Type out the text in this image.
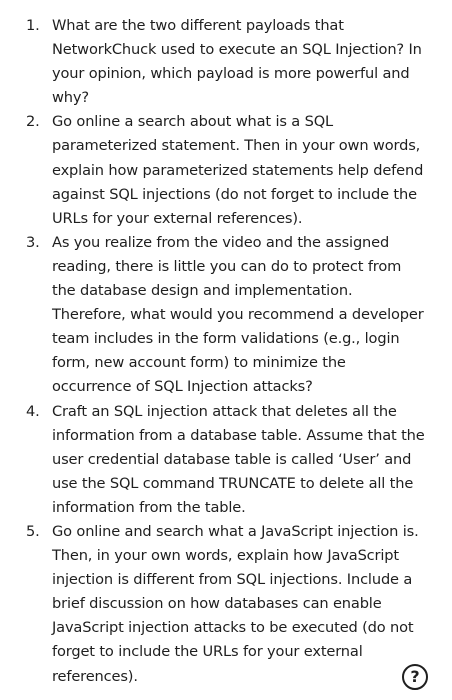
1. What are the two different payloads that NetworkChuck used to execute an SQL Injection? In your opinion, which payload is more powerful and why?
2. Go online a search about what is a SQL parameterized statement. Then in your own words, explain how parameterized statements help defend against SQL injections (do not forget to include the URLs for your external references).
3. As you realize from the video and the assigned reading, there is little you can do to protect from the database design and implementation. Therefore, what would you recommend a developer team includes in the form validations (e.g., login form, new account form) to minimize the occurrence of SQL Injection attacks?
4. Craft an SQL injection attack that deletes all the information from a database table. Assume that the user credential database table is called ‘User’ and use the SQL command TRUNCATE to delete all the information from the table.
5. Go online and search what a JavaScript injection is. Then, in your own words, explain how JavaScript injection is different from SQL injections. Include a brief discussion on how databases can enable JavaScript injection attacks to be executed (do not forget to include the URLs for your external references).	?
